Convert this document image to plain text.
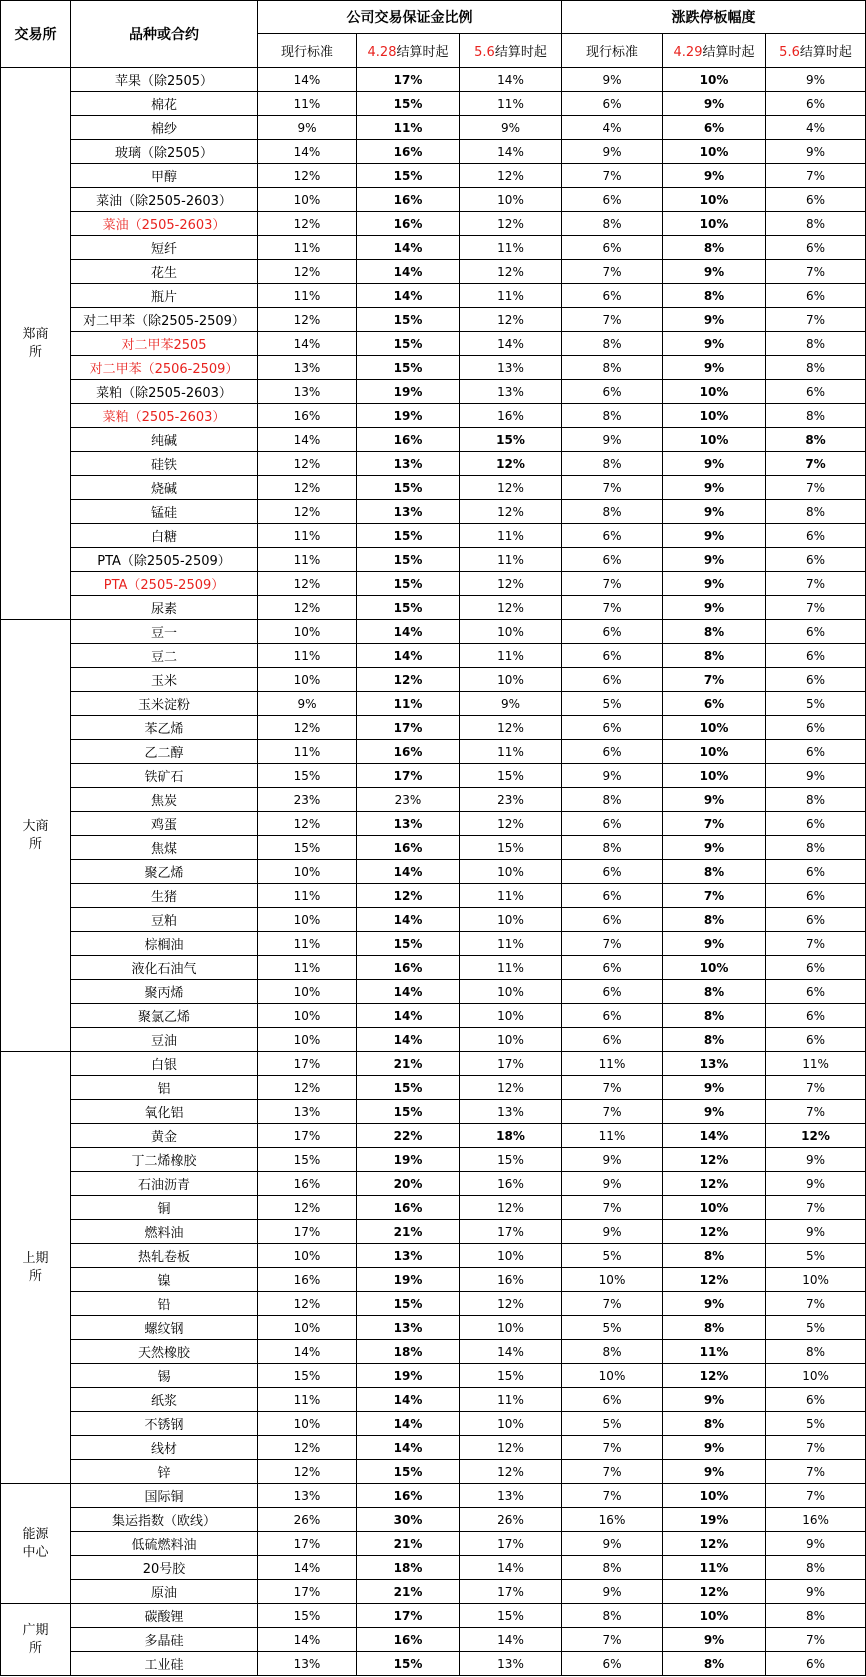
交易所	品种或合约	公司交易保证金比例			涨跌停板幅度		
		现行标准	4.28结算时起	5.6结算时起	现行标准	4.29结算时起	5.6结算时起
郑商所	苹果（除2505）	14%	17%	14%	9%	10%	9%
	棉花	11%	15%	11%	6%	9%	6%
	棉纱	9%	11%	9%	4%	6%	4%
	玻璃（除2505）	14%	16%	14%	9%	10%	9%
	甲醇	12%	15%	12%	7%	9%	7%
	菜油（除2505-2603）	10%	16%	10%	6%	10%	6%
	菜油（2505-2603）	12%	16%	12%	8%	10%	8%
	短纤	11%	14%	11%	6%	8%	6%
	花生	12%	14%	12%	7%	9%	7%
	瓶片	11%	14%	11%	6%	8%	6%
	对二甲苯（除2505-2509）	12%	15%	12%	7%	9%	7%
	对二甲苯2505	14%	15%	14%	8%	9%	8%
	对二甲苯（2506-2509）	13%	15%	13%	8%	9%	8%
	菜粕（除2505-2603）	13%	19%	13%	6%	10%	6%
	菜粕（2505-2603）	16%	19%	16%	8%	10%	8%
	纯碱	14%	16%	15%	9%	10%	8%
	硅铁	12%	13%	12%	8%	9%	7%
	烧碱	12%	15%	12%	7%	9%	7%
	锰硅	12%	13%	12%	8%	9%	8%
	白糖	11%	15%	11%	6%	9%	6%
	PTA（除2505-2509）	11%	15%	11%	6%	9%	6%
	PTA（2505-2509）	12%	15%	12%	7%	9%	7%
	尿素	12%	15%	12%	7%	9%	7%
大商所	豆一	10%	14%	10%	6%	8%	6%
	豆二	11%	14%	11%	6%	8%	6%
	玉米	10%	12%	10%	6%	7%	6%
	玉米淀粉	9%	11%	9%	5%	6%	5%
	苯乙烯	12%	17%	12%	6%	10%	6%
	乙二醇	11%	16%	11%	6%	10%	6%
	铁矿石	15%	17%	15%	9%	10%	9%
	焦炭	23%	23%	23%	8%	9%	8%
	鸡蛋	12%	13%	12%	6%	7%	6%
	焦煤	15%	16%	15%	8%	9%	8%
	聚乙烯	10%	14%	10%	6%	8%	6%
	生猪	11%	12%	11%	6%	7%	6%
	豆粕	10%	14%	10%	6%	8%	6%
	棕榈油	11%	15%	11%	7%	9%	7%
	液化石油气	11%	16%	11%	6%	10%	6%
	聚丙烯	10%	14%	10%	6%	8%	6%
	聚氯乙烯	10%	14%	10%	6%	8%	6%
	豆油	10%	14%	10%	6%	8%	6%
上期所	白银	17%	21%	17%	11%	13%	11%
	铝	12%	15%	12%	7%	9%	7%
	氧化铝	13%	15%	13%	7%	9%	7%
	黄金	17%	22%	18%	11%	14%	12%
	丁二烯橡胶	15%	19%	15%	9%	12%	9%
	石油沥青	16%	20%	16%	9%	12%	9%
	铜	12%	16%	12%	7%	10%	7%
	燃料油	17%	21%	17%	9%	12%	9%
	热轧卷板	10%	13%	10%	5%	8%	5%
	镍	16%	19%	16%	10%	12%	10%
	铅	12%	15%	12%	7%	9%	7%
	螺纹钢	10%	13%	10%	5%	8%	5%
	天然橡胶	14%	18%	14%	8%	11%	8%
	锡	15%	19%	15%	10%	12%	10%
	纸浆	11%	14%	11%	6%	9%	6%
	不锈钢	10%	14%	10%	5%	8%	5%
	线材	12%	14%	12%	7%	9%	7%
	锌	12%	15%	12%	7%	9%	7%
能源中心	国际铜	13%	16%	13%	7%	10%	7%
	集运指数（欧线）	26%	30%	26%	16%	19%	16%
	低硫燃料油	17%	21%	17%	9%	12%	9%
	20号胶	14%	18%	14%	8%	11%	8%
	原油	17%	21%	17%	9%	12%	9%
广期所	碳酸锂	15%	17%	15%	8%	10%	8%
	多晶硅	14%	16%	14%	7%	9%	7%
	工业硅	13%	15%	13%	6%	8%	6%
